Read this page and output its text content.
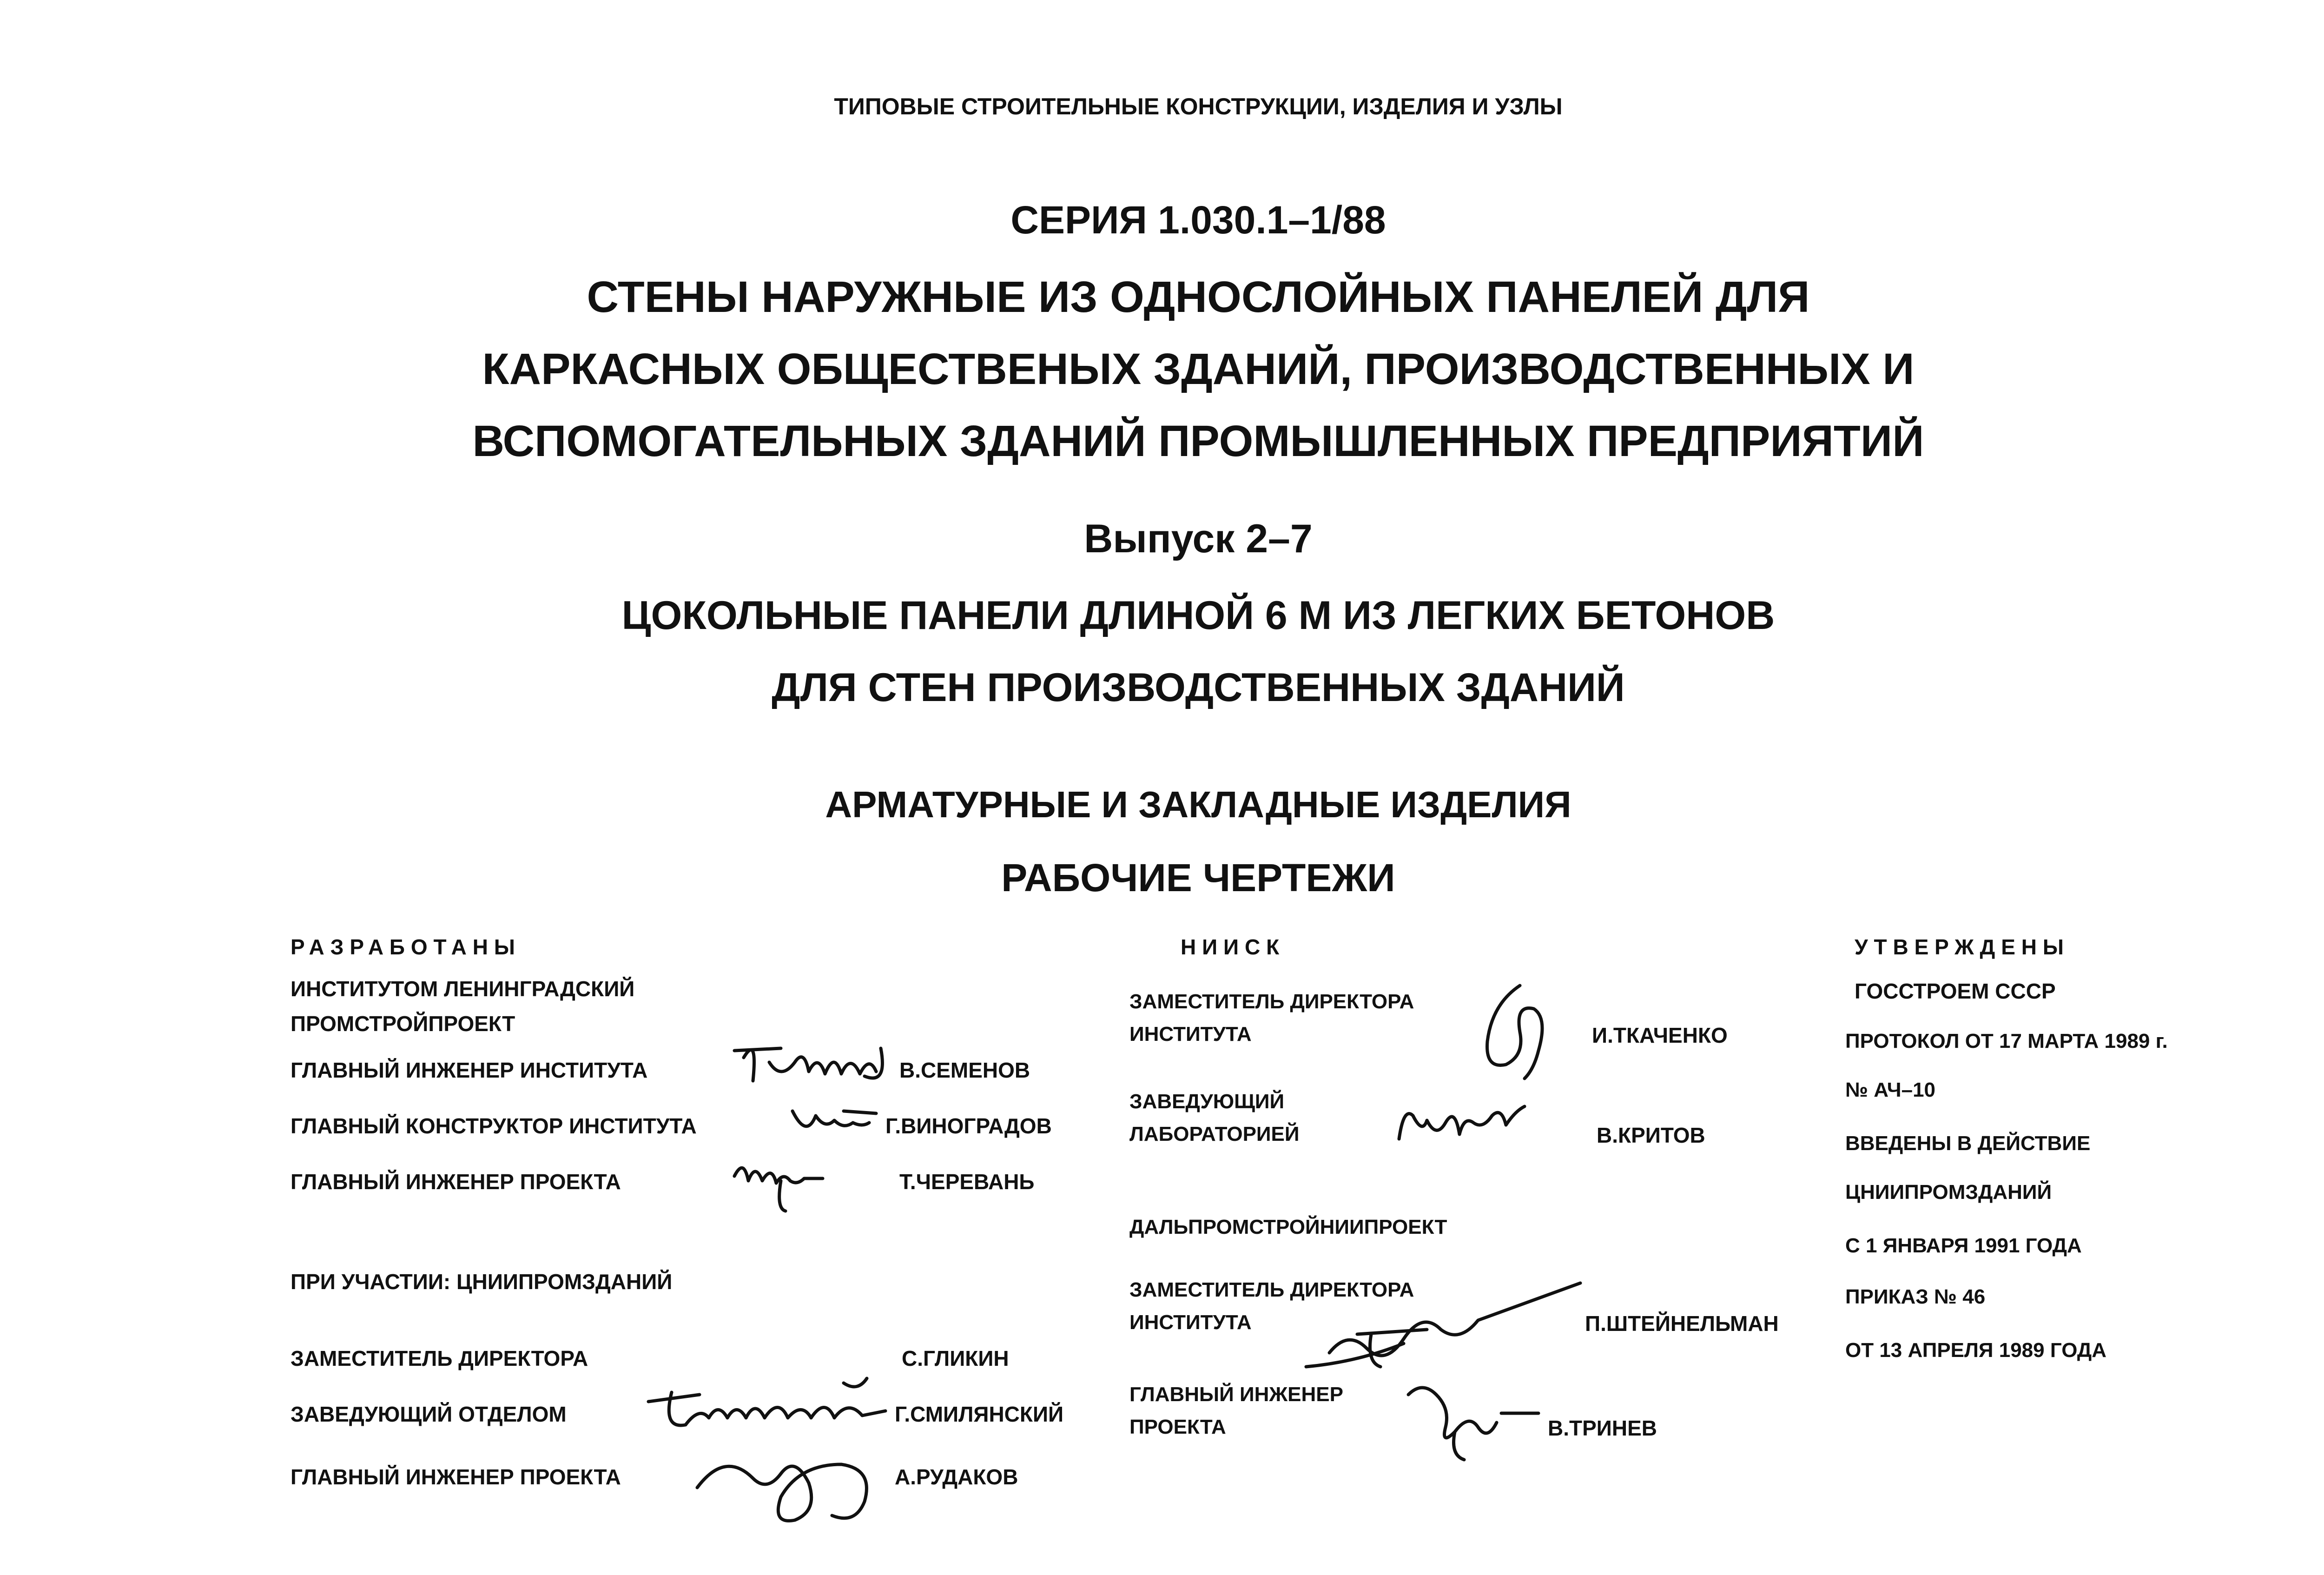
ТИПОВЫЕ СТРОИТЕЛЬНЫЕ КОНСТРУКЦИИ, ИЗДЕЛИЯ И УЗЛЫ
СЕРИЯ 1.030.1–1/88
СТЕНЫ НАРУЖНЫЕ ИЗ ОДНОСЛОЙНЫХ ПАНЕЛЕЙ ДЛЯ
КАРКАСНЫХ ОБЩЕСТВЕНЫХ ЗДАНИЙ, ПРОИЗВОДСТВЕННЫХ И
ВСПОМОГАТЕЛЬНЫХ ЗДАНИЙ ПРОМЫШЛЕННЫХ ПРЕДПРИЯТИЙ
Выпуск 2–7
ЦОКОЛЬНЫЕ ПАНЕЛИ ДЛИНОЙ 6 М ИЗ ЛЕГКИХ БЕТОНОВ
ДЛЯ СТЕН ПРОИЗВОДСТВЕННЫХ ЗДАНИЙ
АРМАТУРНЫЕ И ЗАКЛАДНЫЕ ИЗДЕЛИЯ
РАБОЧИЕ ЧЕРТЕЖИ
РАЗРАБОТАНЫ
ИНСТИТУТОМ ЛЕНИНГРАДСКИЙ
ПРОМСТРОЙПРОЕКТ
ГЛАВНЫЙ ИНЖЕНЕР ИНСТИТУТА	В.СЕМЕНОВ
ГЛАВНЫЙ КОНСТРУКТОР ИНСТИТУТА	Г.ВИНОГРАДОВ
ГЛАВНЫЙ ИНЖЕНЕР ПРОЕКТА	Т.ЧЕРЕВАНЬ
ПРИ УЧАСТИИ: ЦНИИПРОМЗДАНИЙ
ЗАМЕСТИТЕЛЬ ДИРЕКТОРА	С.ГЛИКИН
ЗАВЕДУЮЩИЙ ОТДЕЛОМ	Г.СМИЛЯНСКИЙ
ГЛАВНЫЙ ИНЖЕНЕР ПРОЕКТА	А.РУДАКОВ
НИИСК
ЗАМЕСТИТЕЛЬ ДИРЕКТОРА
ИНСТИТУТА	И.ТКАЧЕНКО
ЗАВЕДУЮЩИЙ
ЛАБОРАТОРИЕЙ	В.КРИТОВ
ДАЛЬПРОМСТРОЙНИИПРОЕКТ
ЗАМЕСТИТЕЛЬ ДИРЕКТОРА
ИНСТИТУТА	П.ШТЕЙНЕЛЬМАН
ГЛАВНЫЙ ИНЖЕНЕР
ПРОЕКТА	В.ТРИНЕВ
УТВЕРЖДЕНЫ
ГОССТРОЕМ СССР
ПРОТОКОЛ ОТ 17 МАРТА 1989 г.
№ АЧ–10
ВВЕДЕНЫ В ДЕЙСТВИЕ
ЦНИИПРОМЗДАНИЙ
С 1 ЯНВАРЯ 1991 ГОДА
ПРИКАЗ № 46
ОТ 13 АПРЕЛЯ 1989 ГОДА
